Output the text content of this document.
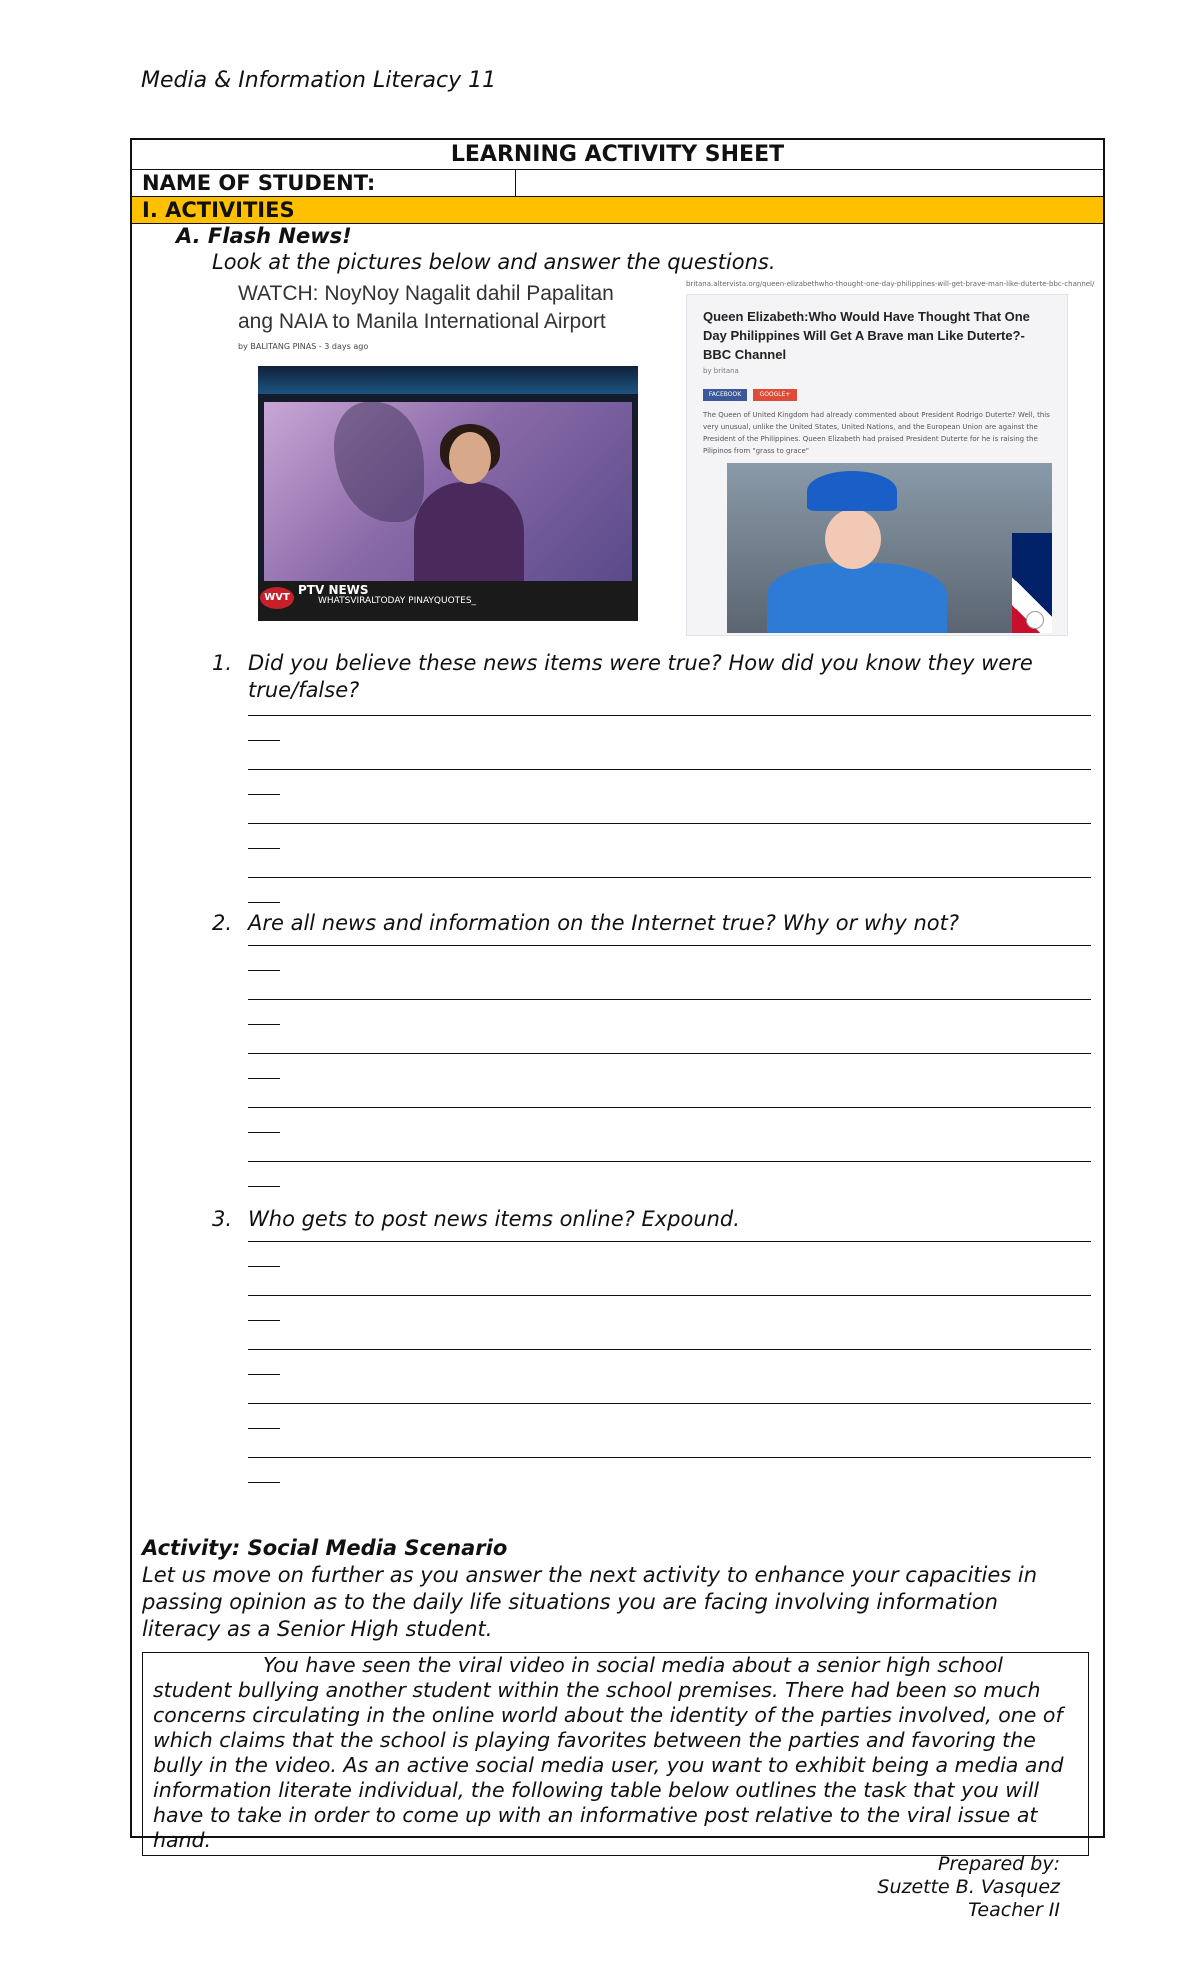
Media & Information Literacy 11
LEARNING ACTIVITY SHEET
NAME OF STUDENT:
I. ACTIVITIES
A. Flash News!
Look at the pictures below and answer the questions.
WATCH: NoyNoy Nagalit dahil Papalitan
ang NAIA to Manila International Airport
by BALITANG PINAS - 3 days ago
WHATSVIRALTODAY PINAYQUOTES_
WVT
PTV NEWS
britana.altervista.org/queen-elizabethwho-thought-one-day-philippines-will-get-brave-man-like-duterte-bbc-channel/
Queen Elizabeth:Who Would Have Thought That One Day Philippines Will Get A Brave man Like Duterte?- BBC Channel
by britana
FACEBOOK	GOOGLE+
The Queen of United Kingdom had already commented about President Rodrigo Duterte? Well, this very unusual, unlike the United States, United Nations, and the European Union are against the President of the Philippines. Queen Elizabeth had praised President Duterte for he is raising the Pilipinos from "grass to grace"
1. Did you believe these news items were true? How did you know they were true/false?
2. Are all news and information on the Internet true? Why or why not?
3. Who gets to post news items online? Expound.
Activity: Social Media Scenario
Let us move on further as you answer the next activity to enhance your capacities in passing opinion as to the daily life situations you are facing involving information literacy as a Senior High student.
You have seen the viral video in social media about a senior high school student bullying another student within the school premises. There had been so much concerns circulating in the online world about the identity of the parties involved, one of which claims that the school is playing favorites between the parties and favoring the bully in the video. As an active social media user, you want to exhibit being a media and information literate individual, the following table below outlines the task that you will have to take in order to come up with an informative post relative to the viral issue at hand.
Prepared by:
Suzette B. Vasquez
Teacher II
